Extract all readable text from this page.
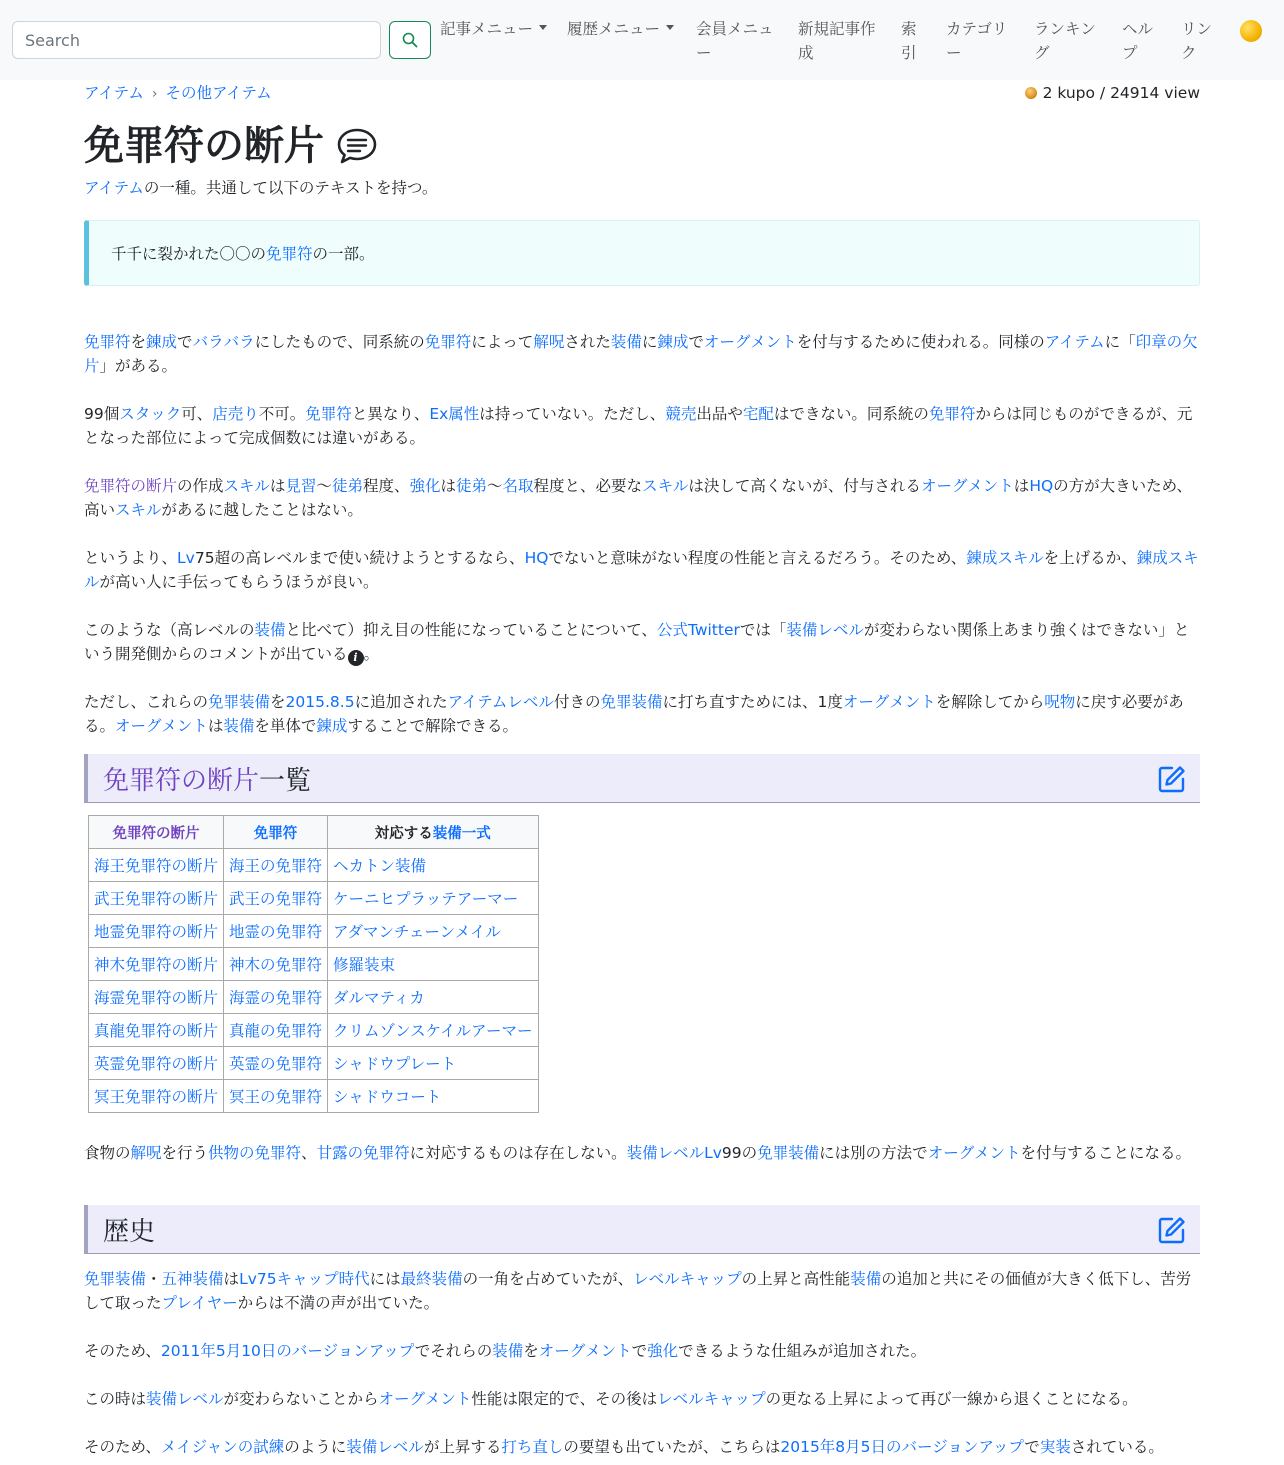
Search
記事メニュー	履歴メニュー	会員メニュ
ー
新規記事作
成
索
引
カテゴリ
ー
ランキン
グ
ヘル
プ
リン
ク
アイテム › その他アイテム	2 kupo / 24914 view
免罪符の断片
アイテムの一種。共通して以下のテキストを持つ。
千千に裂かれた〇〇の免罪符の一部。
免罪符を錬成でバラバラにしたもので、同系統の免罪符によって解呪された装備に錬成でオーグメントを付与するために使われる。同様のアイテムに「印章の欠片」がある。
99個スタック可、店売り不可。免罪符と異なり、Ex属性は持っていない。ただし、競売出品や宅配はできない。同系統の免罪符からは同じものができるが、元となった部位によって完成個数には違いがある。
免罪符の断片の作成スキルは見習〜徒弟程度、強化は徒弟〜名取程度と、必要なスキルは決して高くないが、付与されるオーグメントはHQの方が大きいため、高いスキルがあるに越したことはない。
というより、Lv75超の高レベルまで使い続けようとするなら、HQでないと意味がない程度の性能と言えるだろう。そのため、錬成スキルを上げるか、錬成スキルが高い人に手伝ってもらうほうが良い。
このような（高レベルの装備と比べて）抑え目の性能になっていることについて、公式Twitterでは「装備レベルが変わらない関係上あまり強くはできない」という開発側からのコメントが出ている i 。
ただし、これらの免罪装備を2015.8.5に追加されたアイテムレベル付きの免罪装備に打ち直すためには、1度オーグメントを解除してから呪物に戻す必要がある。オーグメントは装備を単体で錬成することで解除できる。
免罪符の断片一覧
免罪符の断片	免罪符	対応する装備一式
海王免罪符の断片	海王の免罪符	ヘカトン装備
武王免罪符の断片	武王の免罪符	ケーニヒプラッテアーマー
地霊免罪符の断片	地霊の免罪符	アダマンチェーンメイル
神木免罪符の断片	神木の免罪符	修羅装束
海霊免罪符の断片	海霊の免罪符	ダルマティカ
真龍免罪符の断片	真龍の免罪符	クリムゾンスケイルアーマー
英霊免罪符の断片	英霊の免罪符	シャドウプレート
冥王免罪符の断片	冥王の免罪符	シャドウコート
食物の解呪を行う供物の免罪符、甘露の免罪符に対応するものは存在しない。装備レベルLv99の免罪装備には別の方法でオーグメントを付与することになる。
歴史
免罪装備・五神装備はLv75キャップ時代には最終装備の一角を占めていたが、レベルキャップの上昇と高性能装備の追加と共にその価値が大きく低下し、苦労して取ったプレイヤーからは不満の声が出ていた。
そのため、2011年5月10日のバージョンアップでそれらの装備をオーグメントで強化できるような仕組みが追加された。
この時は装備レベルが変わらないことからオーグメント性能は限定的で、その後はレベルキャップの更なる上昇によって再び一線から退くことになる。
そのため、メイジャンの試練のように装備レベルが上昇する打ち直しの要望も出ていたが、こちらは2015年8月5日のバージョンアップで実装されている。
